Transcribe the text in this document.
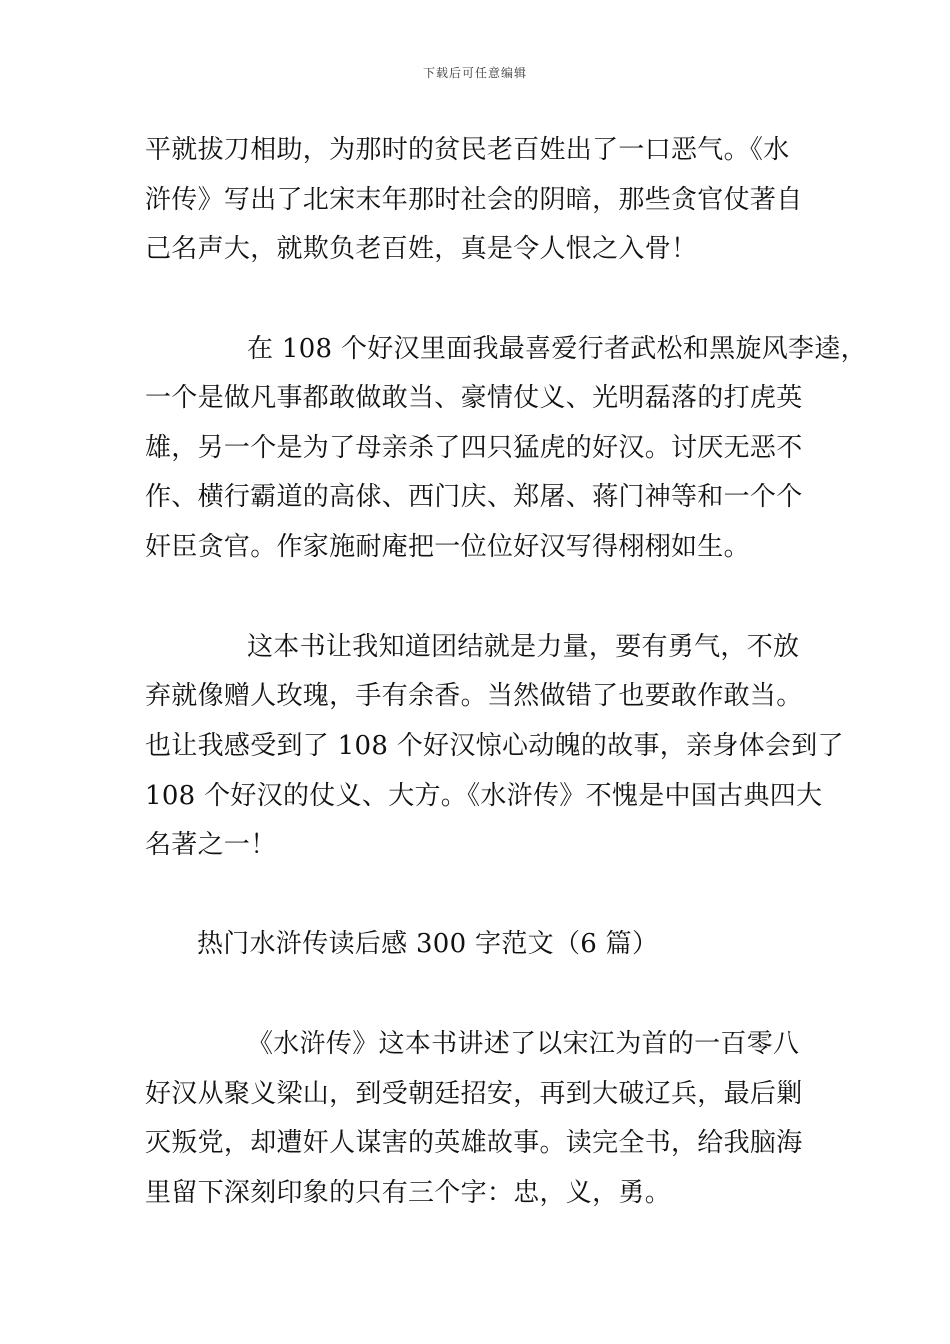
下载后可任意编辑
平就拔刀相助，为那时的贫民老百姓出了一口恶气。《水
浒传》写出了北宋末年那时社会的阴暗，那些贪官仗著自
己名声大，就欺负老百姓，真是令人恨之入骨！
在 108 个好汉里面我最喜爱行者武松和黑旋风李逵，
一个是做凡事都敢做敢当、豪情仗义、光明磊落的打虎英
雄，另一个是为了母亲杀了四只猛虎的好汉。讨厌无恶不
作、横行霸道的高俅、西门庆、郑屠、蒋门神等和一个个
奸臣贪官。作家施耐庵把一位位好汉写得栩栩如生。
这本书让我知道团结就是力量，要有勇气，不放
弃就像赠人玫瑰，手有余香。当然做错了也要敢作敢当。
也让我感受到了 108 个好汉惊心动魄的故事，亲身体会到了
108 个好汉的仗义、大方。《水浒传》不愧是中国古典四大
名著之一！
热门水浒传读后感 300 字范文（6 篇）
《水浒传》这本书讲述了以宋江为首的一百零八
好汉从聚义梁山，到受朝廷招安，再到大破辽兵，最后剿
灭叛党，却遭奸人谋害的英雄故事。读完全书，给我脑海
里留下深刻印象的只有三个字：忠，义，勇。
